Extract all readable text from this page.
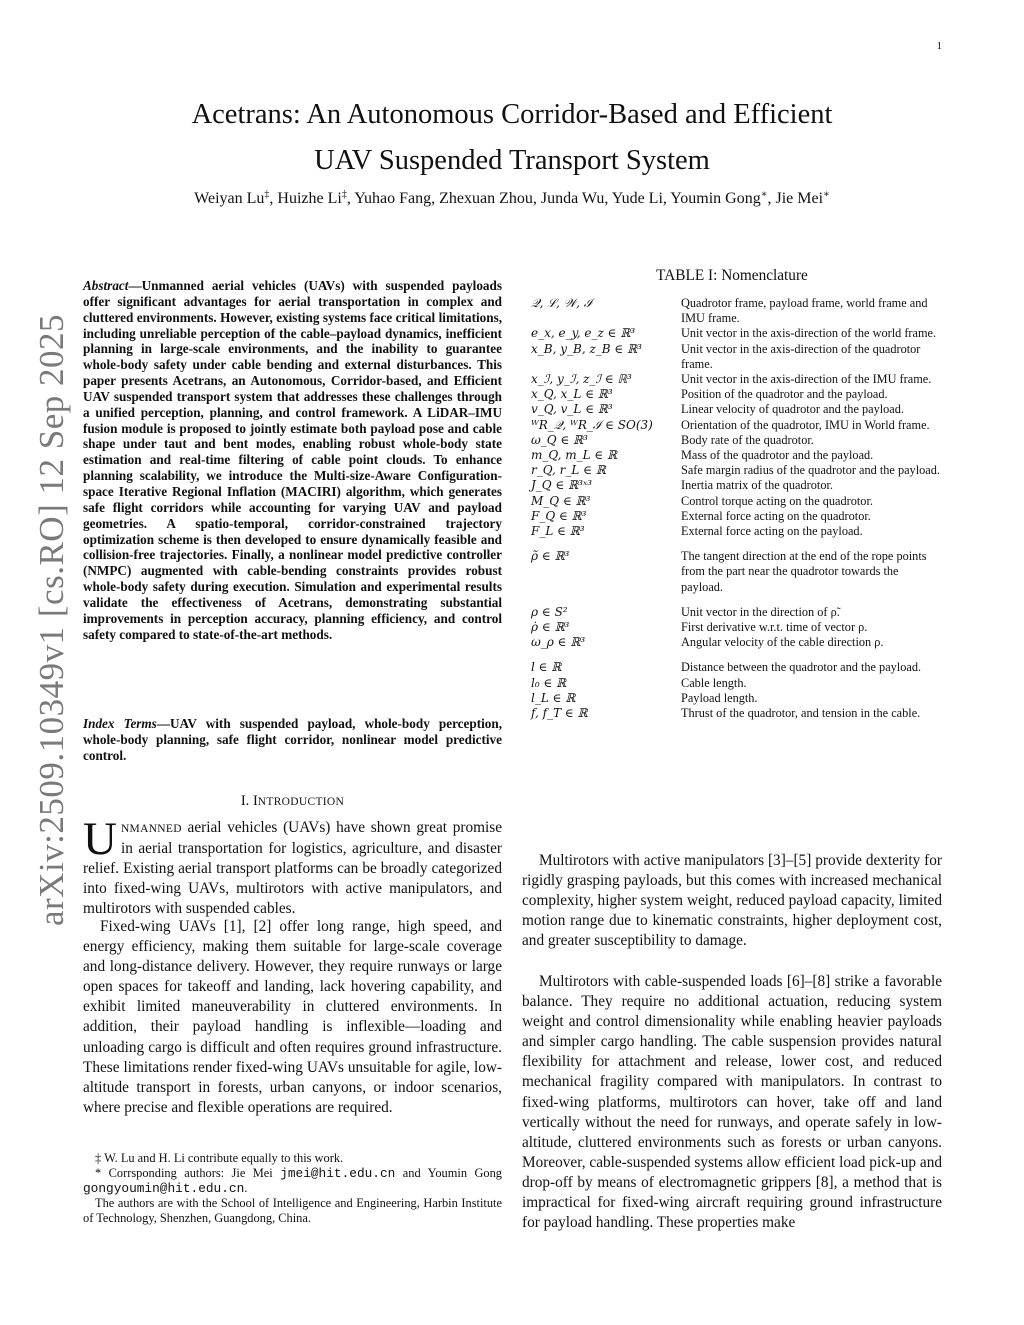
1
arXiv:2509.10349v1 [cs.RO] 12 Sep 2025
Acetrans: An Autonomous Corridor-Based and Efficient
UAV Suspended Transport System
Weiyan Lu‡, Huizhe Li‡, Yuhao Fang, Zhexuan Zhou, Junda Wu, Yude Li, Youmin Gong∗, Jie Mei∗
Abstract—Unmanned aerial vehicles (UAVs) with suspended payloads offer significant advantages for aerial transportation in complex and cluttered environments. However, existing systems face critical limitations, including unreliable perception of the cable–payload dynamics, inefficient planning in large-scale environments, and the inability to guarantee whole-body safety under cable bending and external disturbances. This paper presents Acetrans, an Autonomous, Corridor-based, and Efficient UAV suspended transport system that addresses these challenges through a unified perception, planning, and control framework. A LiDAR–IMU fusion module is proposed to jointly estimate both payload pose and cable shape under taut and bent modes, enabling robust whole-body state estimation and real-time filtering of cable point clouds. To enhance planning scalability, we introduce the Multi-size-Aware Configuration-space Iterative Regional Inflation (MACIRI) algorithm, which generates safe flight corridors while accounting for varying UAV and payload geometries. A spatio-temporal, corridor-constrained trajectory optimization scheme is then developed to ensure dynamically feasible and collision-free trajectories. Finally, a nonlinear model predictive controller (NMPC) augmented with cable-bending constraints provides robust whole-body safety during execution. Simulation and experimental results validate the effectiveness of Acetrans, demonstrating substantial improvements in perception accuracy, planning efficiency, and control safety compared to state-of-the-art methods.
Index Terms—UAV with suspended payload, whole-body perception, whole-body planning, safe flight corridor, nonlinear model predictive control.
I. INTRODUCTION
UNMANNED aerial vehicles (UAVs) have shown great promise in aerial transportation for logistics, agriculture, and disaster relief. Existing aerial transport platforms can be broadly categorized into fixed-wing UAVs, multirotors with active manipulators, and multirotors with suspended cables.
Fixed-wing UAVs [1], [2] offer long range, high speed, and energy efficiency, making them suitable for large-scale coverage and long-distance delivery. However, they require runways or large open spaces for takeoff and landing, lack hovering capability, and exhibit limited maneuverability in cluttered environments. In addition, their payload handling is inflexible—loading and unloading cargo is difficult and often requires ground infrastructure. These limitations render fixed-wing UAVs unsuitable for agile, low-altitude transport in forests, urban canyons, or indoor scenarios, where precise and flexible operations are required.

‡ W. Lu and H. Li contribute equally to this work.

* Corrsponding authors: Jie Mei jmei@hit.edu.cn and Youmin Gong gongyoumin@hit.edu.cn.

The authors are with the School of Intelligence and Engineering, Harbin Institute of Technology, Shenzhen, Guangdong, China.

TABLE I: Nomenclature
𝒬, ℒ, 𝒲, ℐ	Quadrotor frame, payload frame, world frame and IMU frame.
e_x, e_y, e_z ∈ ℝ³	Unit vector in the axis-direction of the world frame.
x_B, y_B, z_B ∈ ℝ³	Unit vector in the axis-direction of the quadrotor frame.
x_ℐ, y_ℐ, z_ℐ ∈ ℝ³	Unit vector in the axis-direction of the IMU frame.
x_Q, x_L ∈ ℝ³	Position of the quadrotor and the payload.
v_Q, v_L ∈ ℝ³	Linear velocity of quadrotor and the payload.
ᵂR_𝒬, ᵂR_ℐ ∈ SO(3)	Orientation of the quadrotor, IMU in World frame.
ω_Q ∈ ℝ³	Body rate of the quadrotor.
m_Q, m_L ∈ ℝ	Mass of the quadrotor and the payload.
r_Q, r_L ∈ ℝ	Safe margin radius of the quadrotor and the payload.
J_Q ∈ ℝ³ˣ³	Inertia matrix of the quadrotor.
M_Q ∈ ℝ³	Control torque acting on the quadrotor.
F_Q ∈ ℝ³	External force acting on the quadrotor.
F_L ∈ ℝ³	External force acting on the payload.
ρ̃ ∈ ℝ³	The tangent direction at the end of the rope points from the part near the quadrotor towards the payload.
ρ ∈ S²	Unit vector in the direction of ρ̃.
ρ̇ ∈ ℝ³	First derivative w.r.t. time of vector ρ.
ω_ρ ∈ ℝ³	Angular velocity of the cable direction ρ.
l ∈ ℝ	Distance between the quadrotor and the payload.
l₀ ∈ ℝ	Cable length.
l_L ∈ ℝ	Payload length.
f, f_T ∈ ℝ	Thrust of the quadrotor, and tension in the cable.
Multirotors with active manipulators [3]–[5] provide dexterity for rigidly grasping payloads, but this comes with increased mechanical complexity, higher system weight, reduced payload capacity, limited motion range due to kinematic constraints, higher deployment cost, and greater susceptibility to damage.
Multirotors with cable-suspended loads [6]–[8] strike a favorable balance. They require no additional actuation, reducing system weight and control dimensionality while enabling heavier payloads and simpler cargo handling. The cable suspension provides natural flexibility for attachment and release, lower cost, and reduced mechanical fragility compared with manipulators. In contrast to fixed-wing platforms, multirotors can hover, take off and land vertically without the need for runways, and operate safely in low-altitude, cluttered environments such as forests or urban canyons. Moreover, cable-suspended systems allow efficient load pick-up and drop-off by means of electromagnetic grippers [8], a method that is impractical for fixed-wing aircraft requiring ground infrastructure for payload handling. These properties make
